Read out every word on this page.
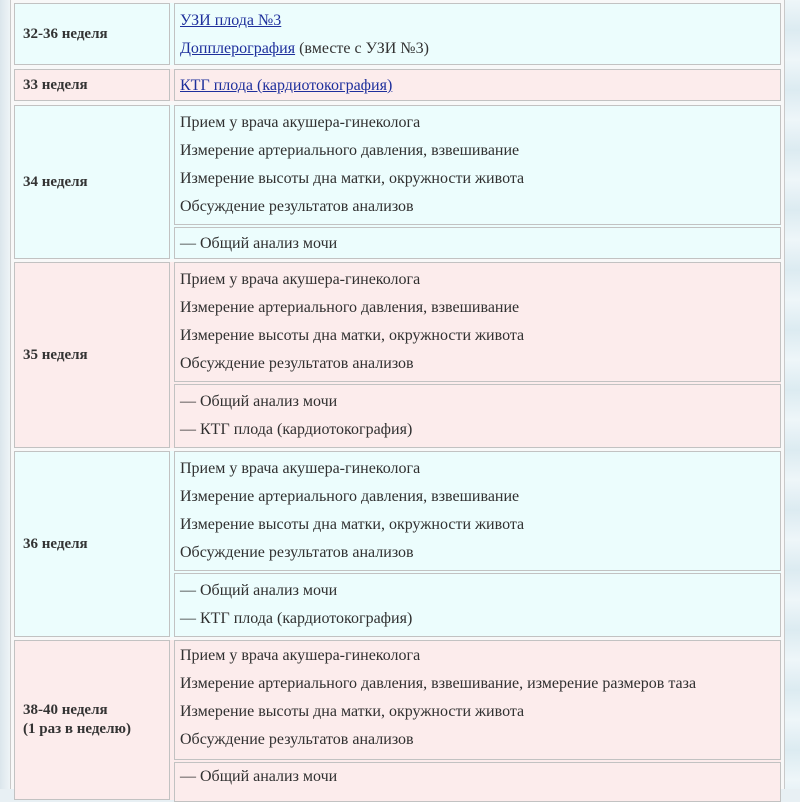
32-36 неделя
УЗИ плода №3
Допплерография (вместе с УЗИ №3)
33 неделя	КТГ плода (кардиотокография)
34 неделя
Прием у врача акушера-гинеколога
Измерение артериального давления, взвешивание
Измерение высоты дна матки, окружности живота
Обсуждение результатов анализов
— Общий анализ мочи
35 неделя
Прием у врача акушера-гинеколога
Измерение артериального давления, взвешивание
Измерение высоты дна матки, окружности живота
Обсуждение результатов анализов
— Общий анализ мочи
— КТГ плода (кардиотокография)
36 неделя
Прием у врача акушера-гинеколога
Измерение артериального давления, взвешивание
Измерение высоты дна матки, окружности живота
Обсуждение результатов анализов
— Общий анализ мочи
— КТГ плода (кардиотокография)
38-40 неделя
(1 раз в неделю)
Прием у врача акушера-гинеколога
Измерение артериального давления, взвешивание, измерение размеров таза
Измерение высоты дна матки, окружности живота
Обсуждение результатов анализов
— Общий анализ мочи
